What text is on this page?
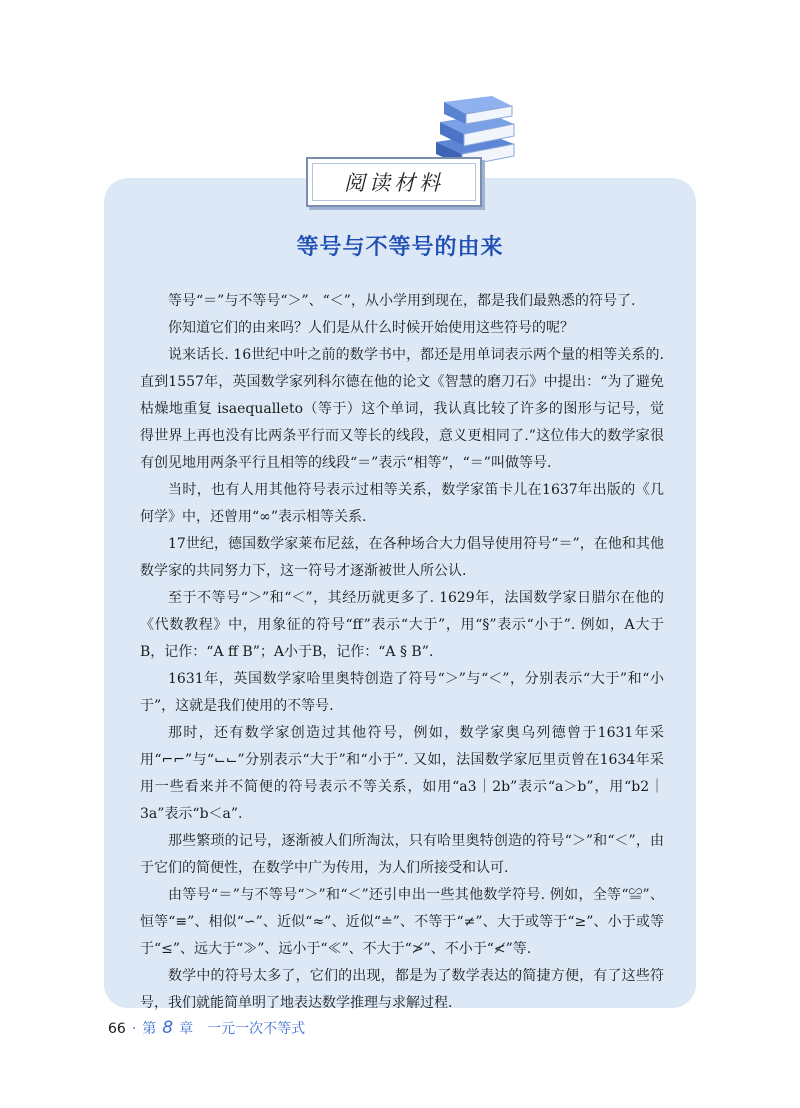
阅读材料
等号与不等号的由来

等号“＝”与不等号“＞”、“＜”，从小学用到现在，都是我们最熟悉的符号了.

你知道它们的由来吗？人们是从什么时候开始使用这些符号的呢？

说来话长. 16世纪中叶之前的数学书中，都还是用单词表示两个量的相等关系的. 直到1557年，英国数学家列科尔德在他的论文《智慧的磨刀石》中提出：“为了避免枯燥地重复 isaequalleto（等于）这个单词，我认真比较了许多的图形与记号，觉得世界上再也没有比两条平行而又等长的线段，意义更相同了.”这位伟大的数学家很有创见地用两条平行且相等的线段“＝”表示“相等”，“＝”叫做等号.

当时，也有人用其他符号表示过相等关系，数学家笛卡儿在1637年出版的《几何学》中，还曾用“∞”表示相等关系.

17世纪，德国数学家莱布尼兹，在各种场合大力倡导使用符号“＝”，在他和其他数学家的共同努力下，这一符号才逐渐被世人所公认.

至于不等号“＞”和“＜”，其经历就更多了. 1629年，法国数学家日腊尔在他的《代数教程》中，用象征的符号“ff”表示“大于”，用“§”表示“小于”. 例如，A大于B，记作：“A ff B”；A小于B，记作：“A § B”.

1631年，英国数学家哈里奥特创造了符号“＞”与“＜”，分别表示“大于”和“小于”，这就是我们使用的不等号.

那时，还有数学家创造过其他符号，例如，数学家奥乌列德曾于1631年采用“⌐⌐”与“⌙⌙”分别表示“大于”和“小于”. 又如，法国数学家厄里贡曾在1634年采用一些看来并不简便的符号表示不等关系，如用“a3｜2b”表示“a＞b”，用“b2｜3a”表示“b＜a”.

那些繁琐的记号，逐渐被人们所淘汰，只有哈里奥特创造的符号“＞”和“＜”，由于它们的简便性，在数学中广为传用，为人们所接受和认可.

由等号“＝”与不等号“＞”和“＜”还引申出一些其他数学符号. 例如，全等“≌”、恒等“≡”、相似“∽”、近似“≈”、近似“≐”、不等于“≠”、大于或等于“≥”、小于或等于“≤”、远大于“≫”、远小于“≪”、不大于“≯”、不小于“≮”等.

数学中的符号太多了，它们的出现，都是为了数学表达的简捷方便，有了这些符号，我们就能简单明了地表达数学推理与求解过程.

66 · 第 8 章 一元一次不等式
